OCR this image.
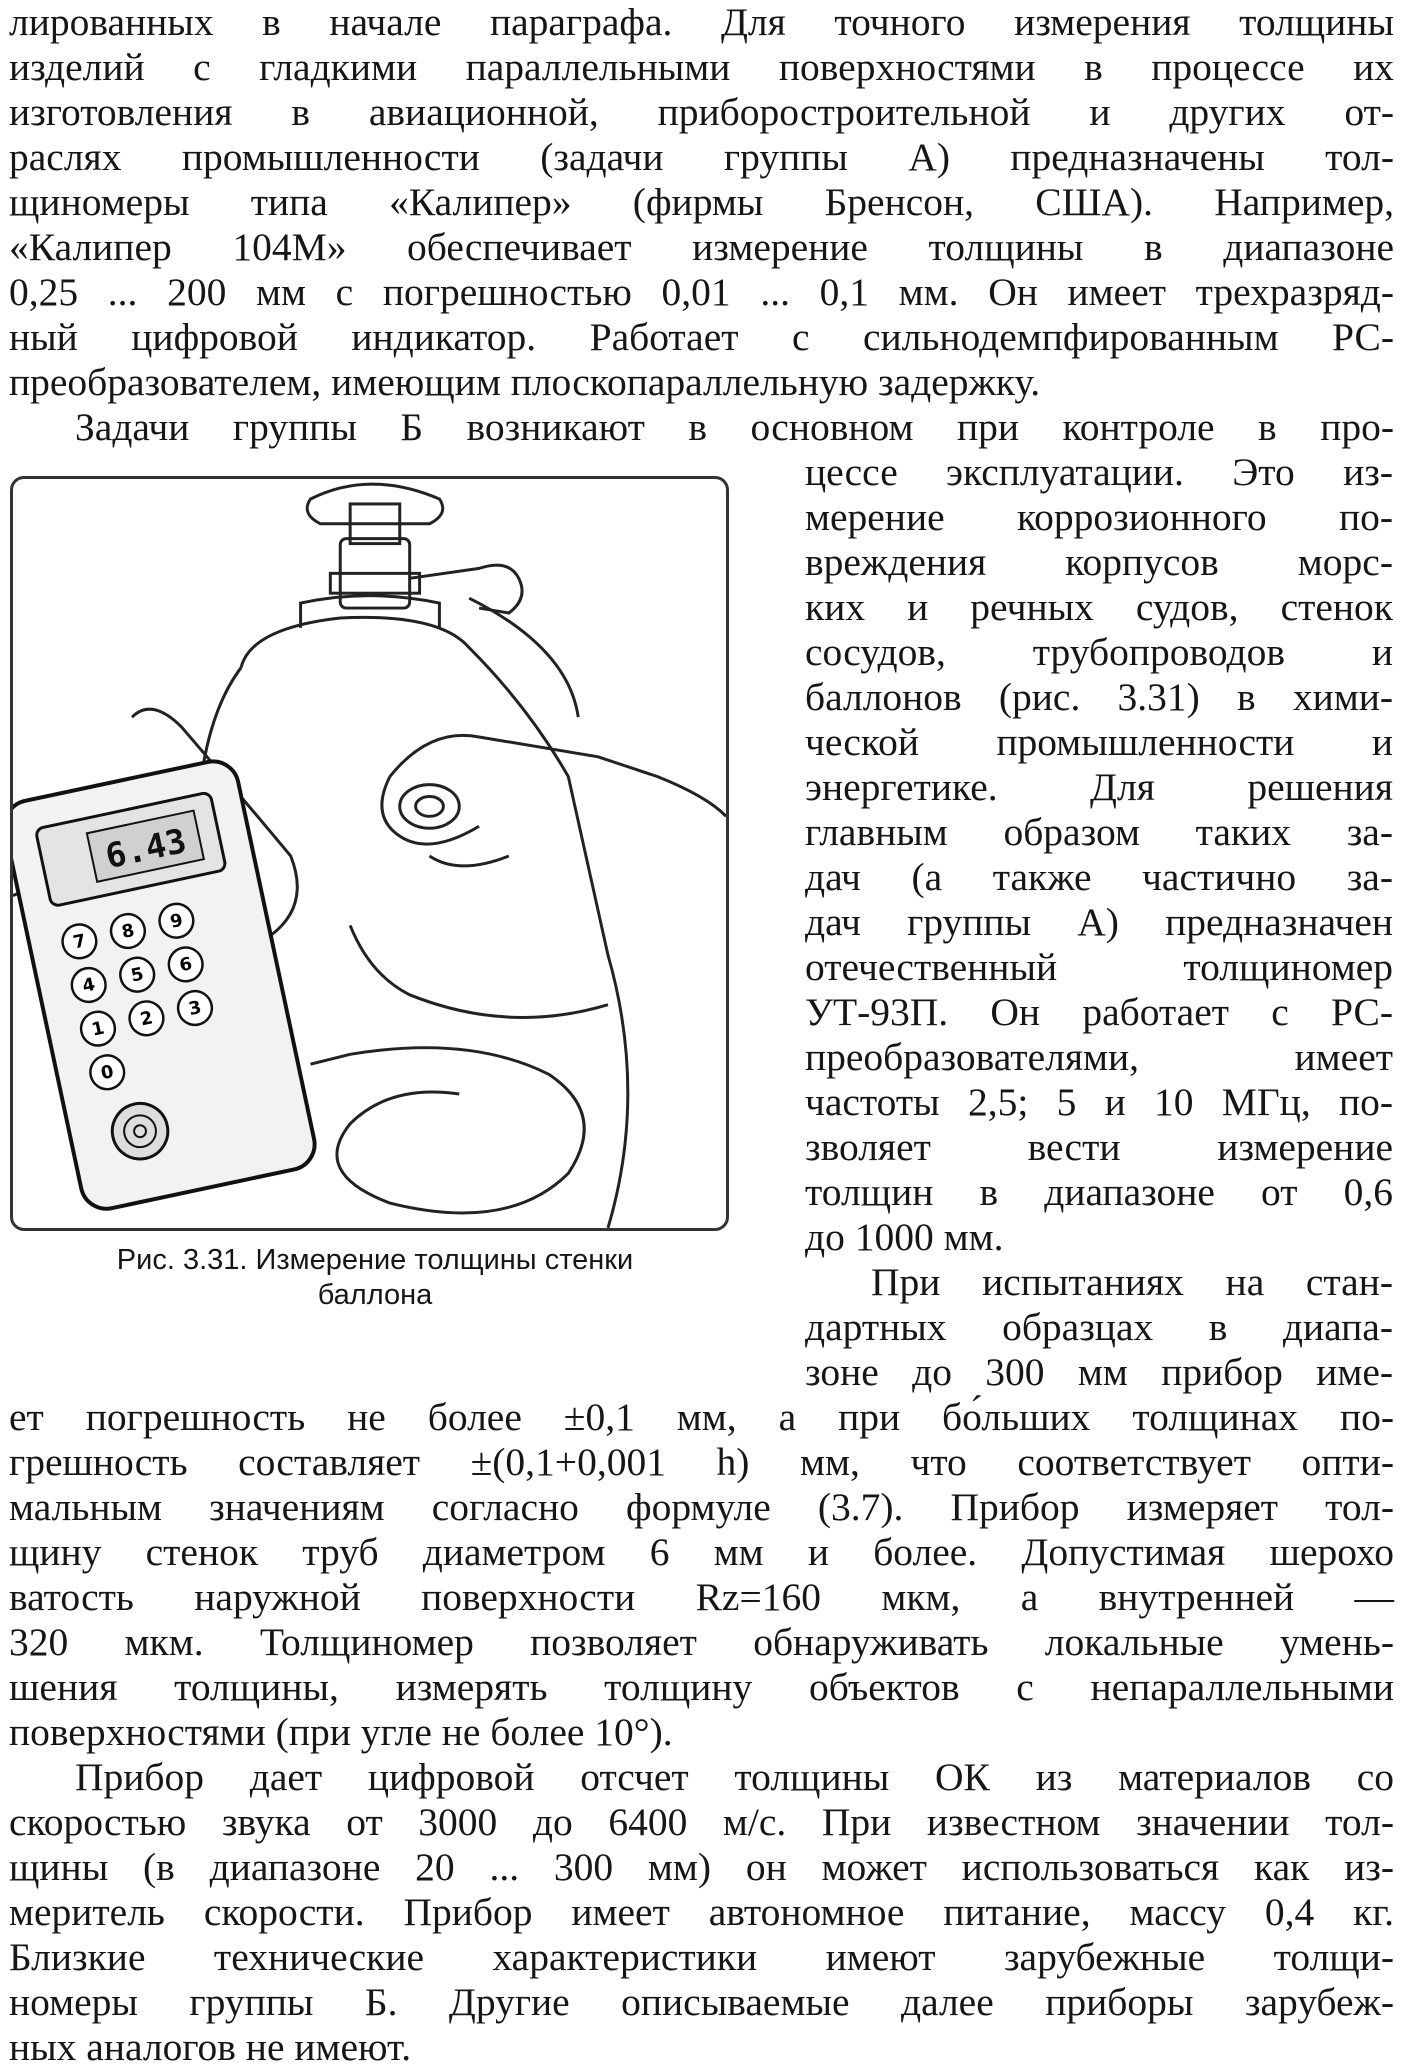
лированных в начале параграфа. Для точного измерения толщины
изделий с гладкими параллельными поверхностями в процессе их
изготовления в авиационной, приборостроительной и других от-
раслях промышленности (задачи группы А) предназначены тол-
щиномеры типа «Калипер» (фирмы Бренсон, США). Например,
«Калипер 104М» обеспечивает измерение толщины в диапазоне
0,25 ... 200 мм с погрешностью 0,01 ... 0,1 мм. Он имеет трехразряд-
ный цифровой индикатор. Работает с сильнодемпфированным РС-
преобразователем, имеющим плоскопараллельную задержку.
Задачи группы Б возникают в основном при контроле в про-
6.43
7 8 9
4 5 6
1 2 3
0
Рис. 3.31. Измерение толщины стенки
баллона
цессе эксплуатации. Это из-
мерение коррозионного по-
вреждения корпусов морс-
ких и речных судов, стенок
сосудов, трубопроводов и
баллонов (рис. 3.31) в хими-
ческой промышленности и
энергетике. Для решения
главным образом таких за-
дач (а также частично за-
дач группы А) предназначен
отечественный толщиномер
УТ-93П. Он работает с РС-
преобразователями, имеет
частоты 2,5; 5 и 10 МГц, по-
зволяет вести измерение
толщин в диапазоне от 0,6
до 1000 мм.
При испытаниях на стан-
дартных образцах в диапа-
зоне до 300 мм прибор име-
ет погрешность не более ±0,1 мм, а при бо́льших толщинах по-
грешность составляет ±(0,1+0,001 h) мм, что соответствует опти-
мальным значениям согласно формуле (3.7). Прибор измеряет тол-
щину стенок труб диаметром 6 мм и более. Допустимая шерохо
ватость наружной поверхности Rz=160 мкм, а внутренней —
320 мкм. Толщиномер позволяет обнаруживать локальные умень-
шения толщины, измерять толщину объектов с непараллельными
поверхностями (при угле не более 10°).
Прибор дает цифровой отсчет толщины ОК из материалов со
скоростью звука от 3000 до 6400 м/с. При известном значении тол-
щины (в диапазоне 20 ... 300 мм) он может использоваться как из-
меритель скорости. Прибор имеет автономное питание, массу 0,4 кг.
Близкие технические характеристики имеют зарубежные толщи-
номеры группы Б. Другие описываемые далее приборы зарубеж-
ных аналогов не имеют.
